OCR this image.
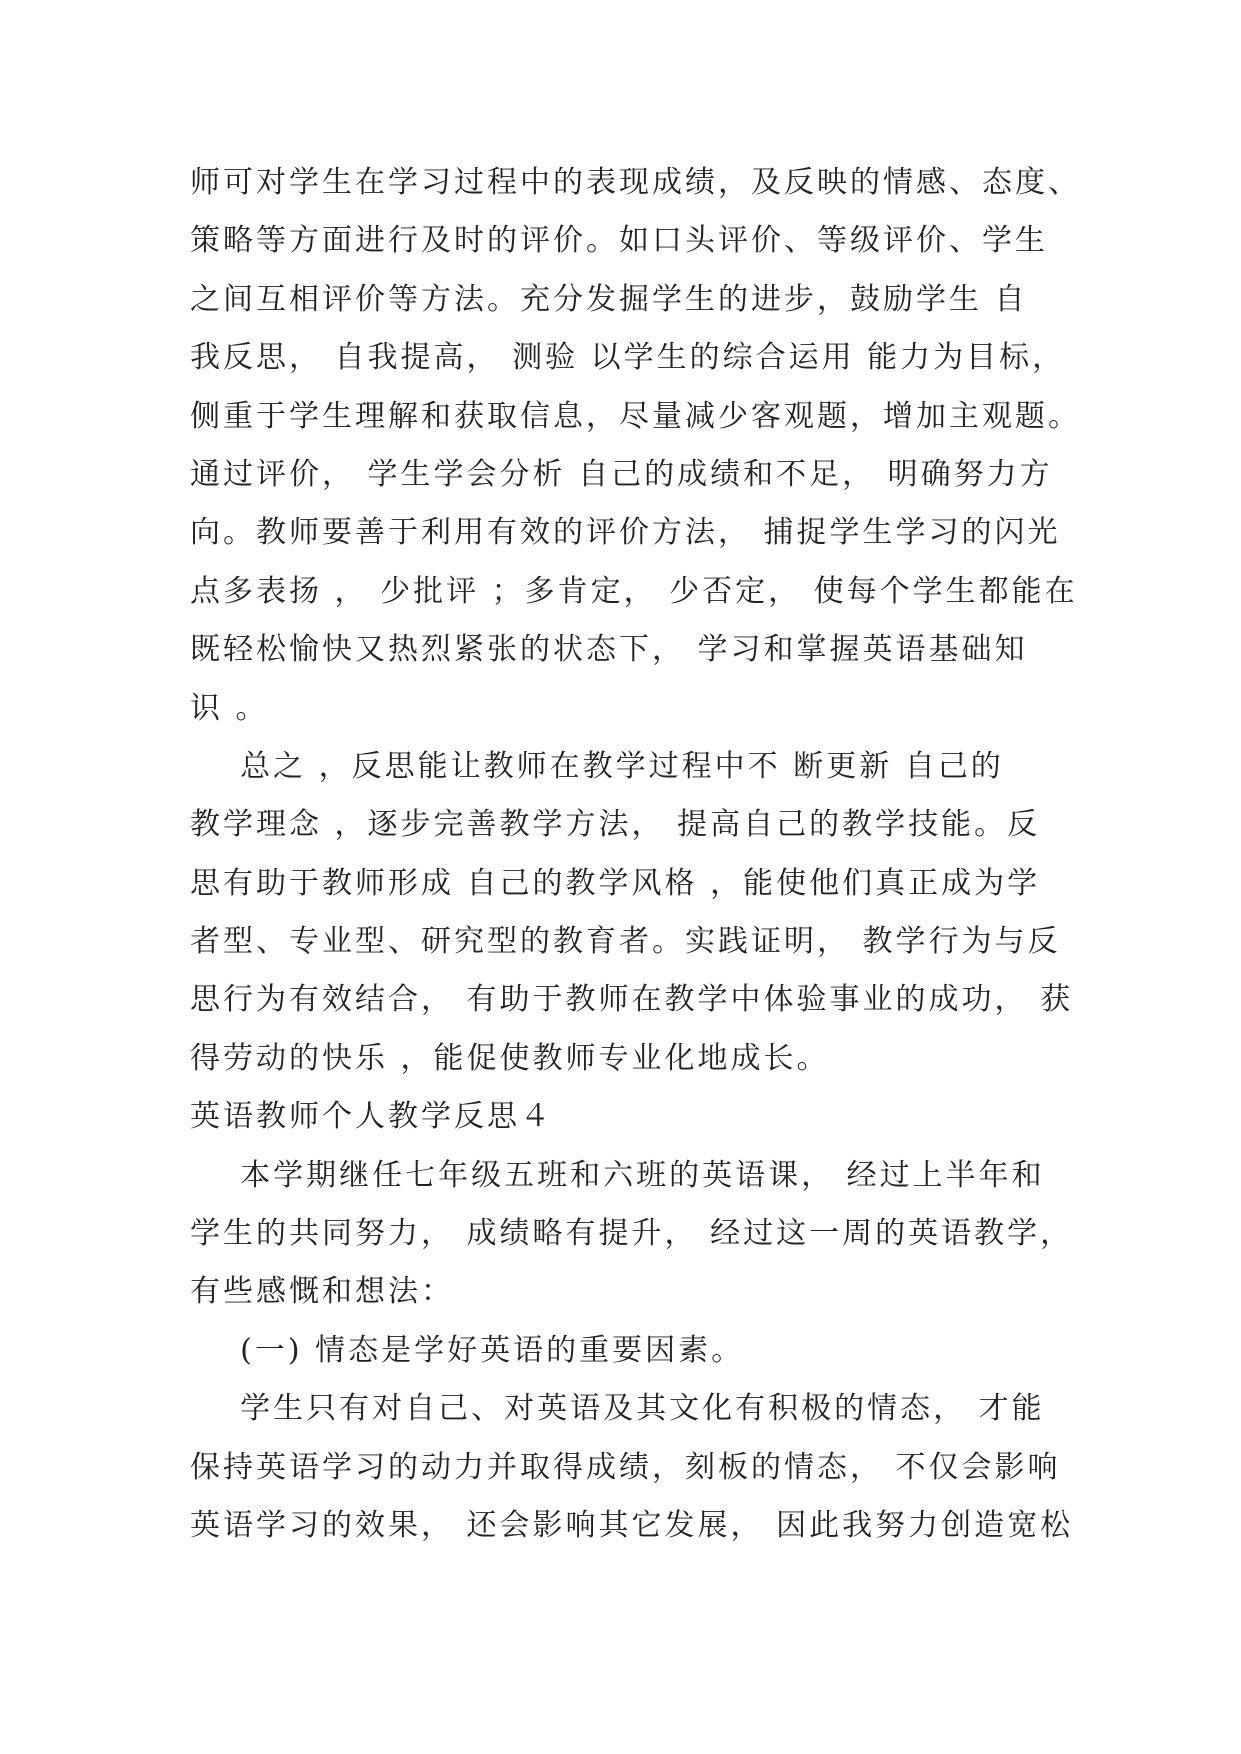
师可对学生在学习过程中的表现成绩，及反映的情感、态度、
策略等方面进行及时的评价。如口头评价、等级评价、学生
之间互相评价等方法。充分发掘学生的进步，鼓励学生 自
我反思， 自我提高， 测验 以学生的综合运用 能力为目标，
侧重于学生理解和获取信息，尽量减少客观题，增加主观题。
通过评价， 学生学会分析 自己的成绩和不足， 明确努力方
向。教师要善于利用有效的评价方法， 捕捉学生学习的闪光
点多表扬 ， 少批评 ；多肯定， 少否定， 使每个学生都能在
既轻松愉快又热烈紧张的状态下， 学习和掌握英语基础知
识 。
总之 ，反思能让教师在教学过程中不 断更新 自己的
教学理念 ，逐步完善教学方法， 提高自己的教学技能。反
思有助于教师形成 自己的教学风格 ，能使他们真正成为学
者型、专业型、研究型的教育者。实践证明， 教学行为与反
思行为有效结合， 有助于教师在教学中体验事业的成功， 获
得劳动的快乐 ，能促使教师专业化地成长。
英语教师个人教学反思４
本学期继任七年级五班和六班的英语课， 经过上半年和
学生的共同努力， 成绩略有提升， 经过这一周的英语教学，
有些感慨和想法：
(一) 情态是学好英语的重要因素。
学生只有对自己、对英语及其文化有积极的情态， 才能
保持英语学习的动力并取得成绩，刻板的情态， 不仅会影响
英语学习的效果， 还会影响其它发展， 因此我努力创造宽松
